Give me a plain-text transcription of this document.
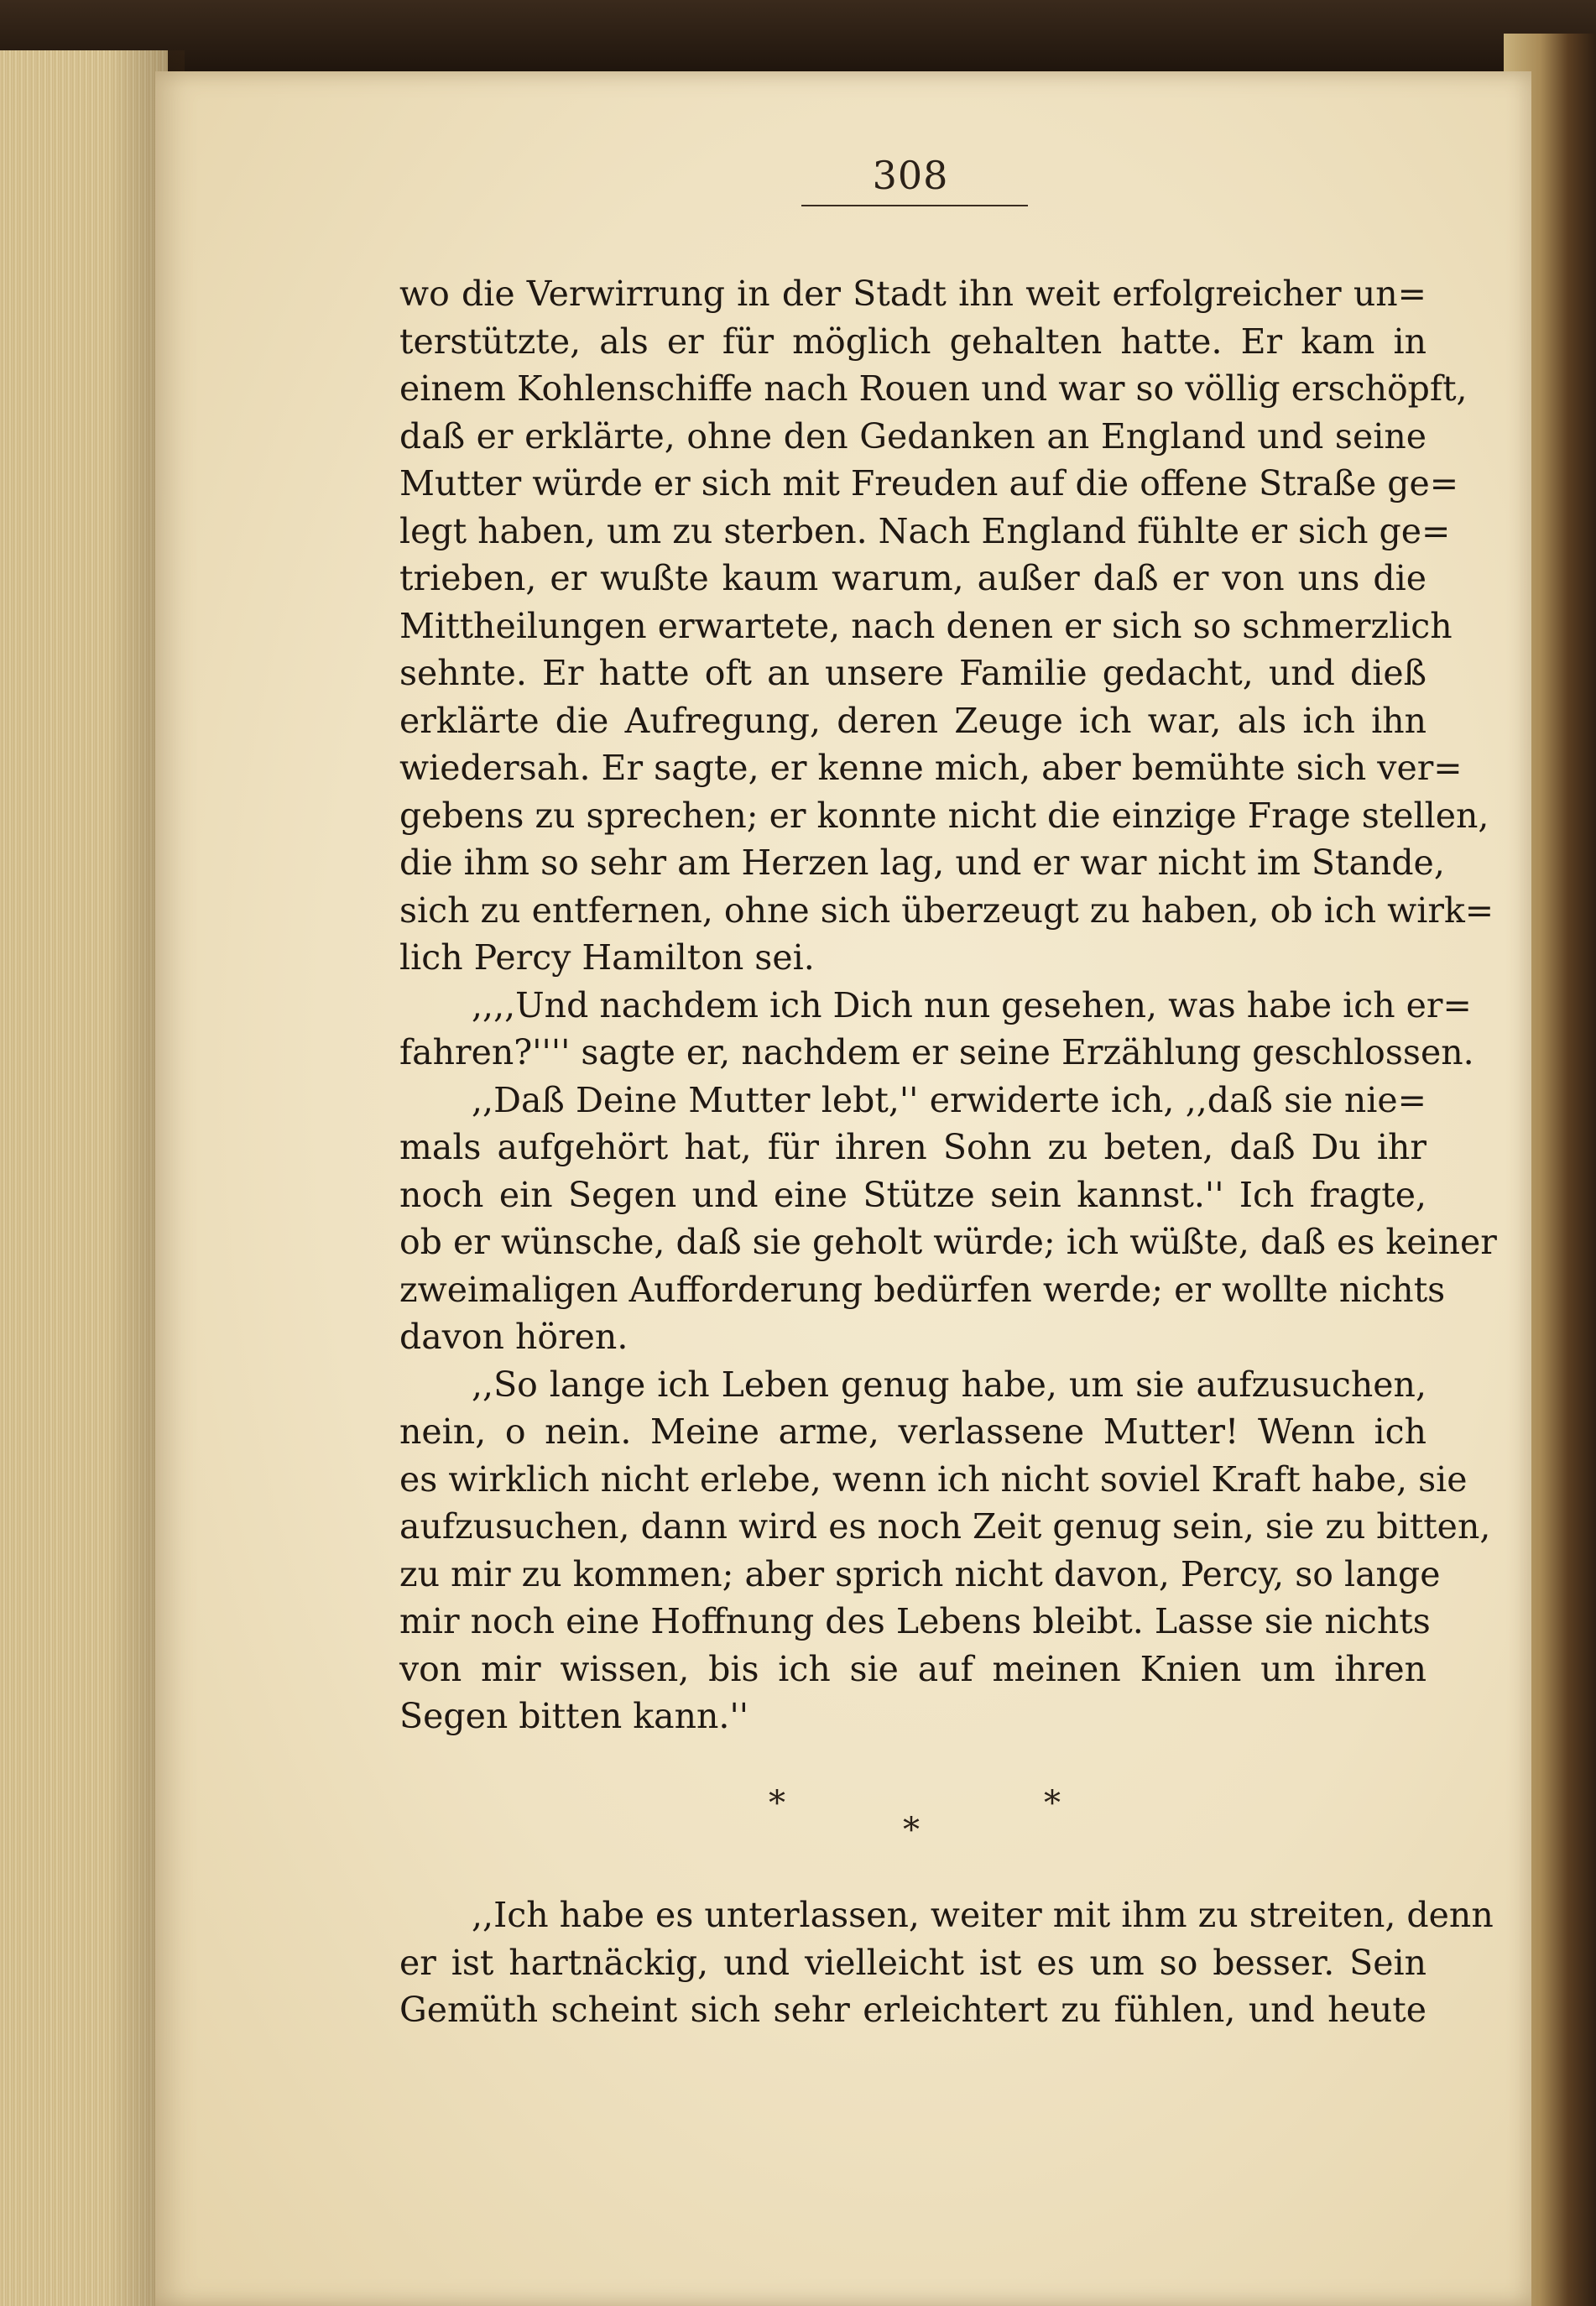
308
wo die Verwirrung in der Stadt ihn weit erfolgreicher un=
terstützte, als er für möglich gehalten hatte. Er kam in
einem Kohlenschiffe nach Rouen und war so völlig erschöpft,
daß er erklärte, ohne den Gedanken an England und seine
Mutter würde er sich mit Freuden auf die offene Straße ge=
legt haben, um zu sterben. Nach England fühlte er sich ge=
trieben, er wußte kaum warum, außer daß er von uns die
Mittheilungen erwartete, nach denen er sich so schmerzlich
sehnte. Er hatte oft an unsere Familie gedacht, und dieß
erklärte die Aufregung, deren Zeuge ich war, als ich ihn
wiedersah. Er sagte, er kenne mich, aber bemühte sich ver=
gebens zu sprechen; er konnte nicht die einzige Frage stellen,
die ihm so sehr am Herzen lag, und er war nicht im Stande,
sich zu entfernen, ohne sich überzeugt zu haben, ob ich wirk=
lich Percy Hamilton sei.
,,,,Und nachdem ich Dich nun gesehen, was habe ich er=
fahren?'''' sagte er, nachdem er seine Erzählung geschlossen.
,,Daß Deine Mutter lebt,'' erwiderte ich, ,,daß sie nie=
mals aufgehört hat, für ihren Sohn zu beten, daß Du ihr
noch ein Segen und eine Stütze sein kannst.'' Ich fragte,
ob er wünsche, daß sie geholt würde; ich wüßte, daß es keiner
zweimaligen Aufforderung bedürfen werde; er wollte nichts
davon hören.
,,So lange ich Leben genug habe, um sie aufzusuchen,
nein, o nein. Meine arme, verlassene Mutter! Wenn ich
es wirklich nicht erlebe, wenn ich nicht soviel Kraft habe, sie
aufzusuchen, dann wird es noch Zeit genug sein, sie zu bitten,
zu mir zu kommen; aber sprich nicht davon, Percy, so lange
mir noch eine Hoffnung des Lebens bleibt. Lasse sie nichts
von mir wissen, bis ich sie auf meinen Knien um ihren
Segen bitten kann.''
*
*
*
,,Ich habe es unterlassen, weiter mit ihm zu streiten, denn
er ist hartnäckig, und vielleicht ist es um so besser. Sein
Gemüth scheint sich sehr erleichtert zu fühlen, und heute
